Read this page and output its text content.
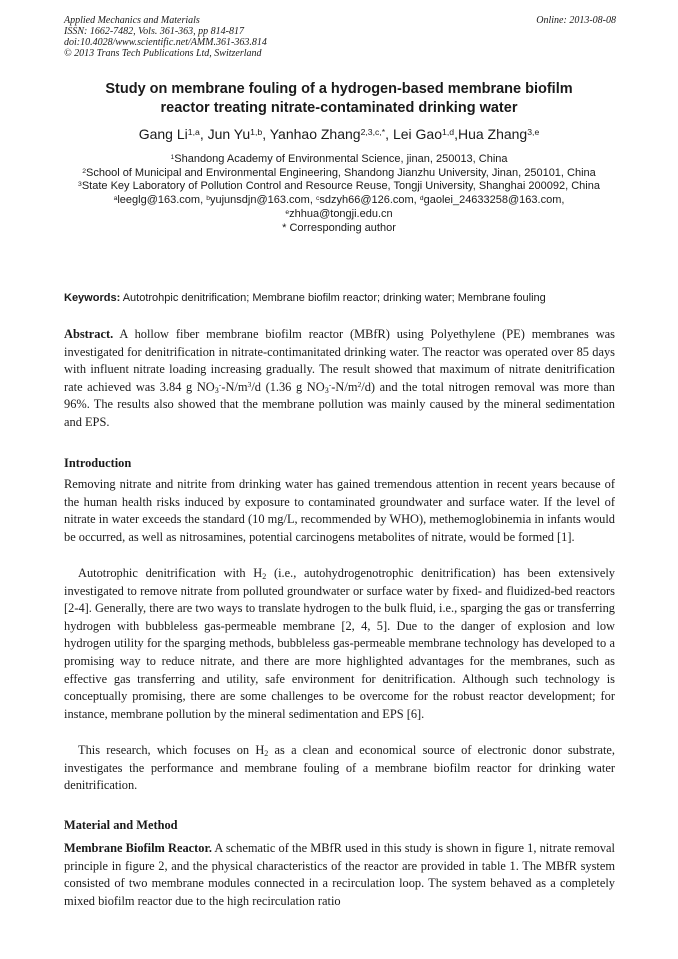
Applied Mechanics and Materials
ISSN: 1662-7482, Vols. 361-363, pp 814-817
doi:10.4028/www.scientific.net/AMM.361-363.814
© 2013 Trans Tech Publications Ltd, Switzerland
Online: 2013-08-08
Study on membrane fouling of a hydrogen-based membrane biofilm
reactor treating nitrate-contaminated drinking water
Gang Li$^{1,a}$, Jun Yu$^{1,b}$, Yanhao Zhang$^{2,3,c,*}$, Lei Gao$^{1,d}$,Hua Zhang$^{3,e}$
$^1$Shandong Academy of Environmental Science, jinan, 250013, China
$^2$School of Municipal and Environmental Engineering, Shandong Jianzhu University, Jinan, 250101, China
$^3$State Key Laboratory of Pollution Control and Resource Reuse, Tongji University, Shanghai 200092, China
$^a$leeglg@163.com, $^b$yujunsdjn@163.com, $^c$sdzyh66@126.com, $^d$gaolei_24633258@163.com,
$^e$zhhua@tongji.edu.cn
* Corresponding author
Keywords: Autotrohpic denitrification; Membrane biofilm reactor; drinking water; Membrane fouling

Abstract. A hollow fiber membrane biofilm reactor (MBfR) using Polyethylene (PE) membranes was investigated for denitrification in nitrate-contimanitated drinking water. The reactor was operated over 85 days with influent nitrate loading increasing gradually. The result showed that maximum of nitrate denitrification rate achieved was 3.84 g $NO_3^--N/m^3/d$ (1.36 g $NO_3^--N/m^2/d$) and the total nitrogen removal was more than 96%. The results also showed that the membrane pollution was mainly caused by the mineral sedimentation and EPS.

Introduction

Removing nitrate and nitrite from drinking water has gained tremendous attention in recent years because of the human health risks induced by exposure to contaminated groundwater and surface water. If the level of nitrate in water exceeds the standard (10 mg/L, recommended by WHO), methemoglobinemia in infants would be occurred, as well as nitrosamines, potential carcinogens metabolites of nitrate, would be formed [1].

Autotrophic denitrification with $H_2$ (i.e., autohydrogenotrophic denitrification) has been extensively investigated to remove nitrate from polluted groundwater or surface water by fixed- and fluidized-bed reactors [2-4]. Generally, there are two ways to translate hydrogen to the bulk fluid, i.e., sparging the gas or transferring hydrogen with bubbleless gas-permeable membrane [2, 4, 5]. Due to the danger of explosion and low hydrogen utility for the sparging methods, bubbleless gas-permeable membrane technology has developed to a promising way to reduce nitrate, and there are more highlighted advantages for the membranes, such as effective gas transferring and utility, safe environment for denitrification. Although such technology is conceptually promising, there are some challenges to be overcome for the robust reactor development; for instance, membrane pollution by the mineral sedimentation and EPS [6].

This research, which focuses on $H_2$ as a clean and economical source of electronic donor substrate, investigates the performance and membrane fouling of a membrane biofilm reactor for drinking water denitrification.

Material and Method

Membrane Biofilm Reactor. A schematic of the MBfR used in this study is shown in figure 1, nitrate removal principle in figure 2, and the physical characteristics of the reactor are provided in table 1. The MBfR system consisted of two membrane modules connected in a recirculation loop. The system behaved as a completely mixed biofilm reactor due to the high recirculation ratio
